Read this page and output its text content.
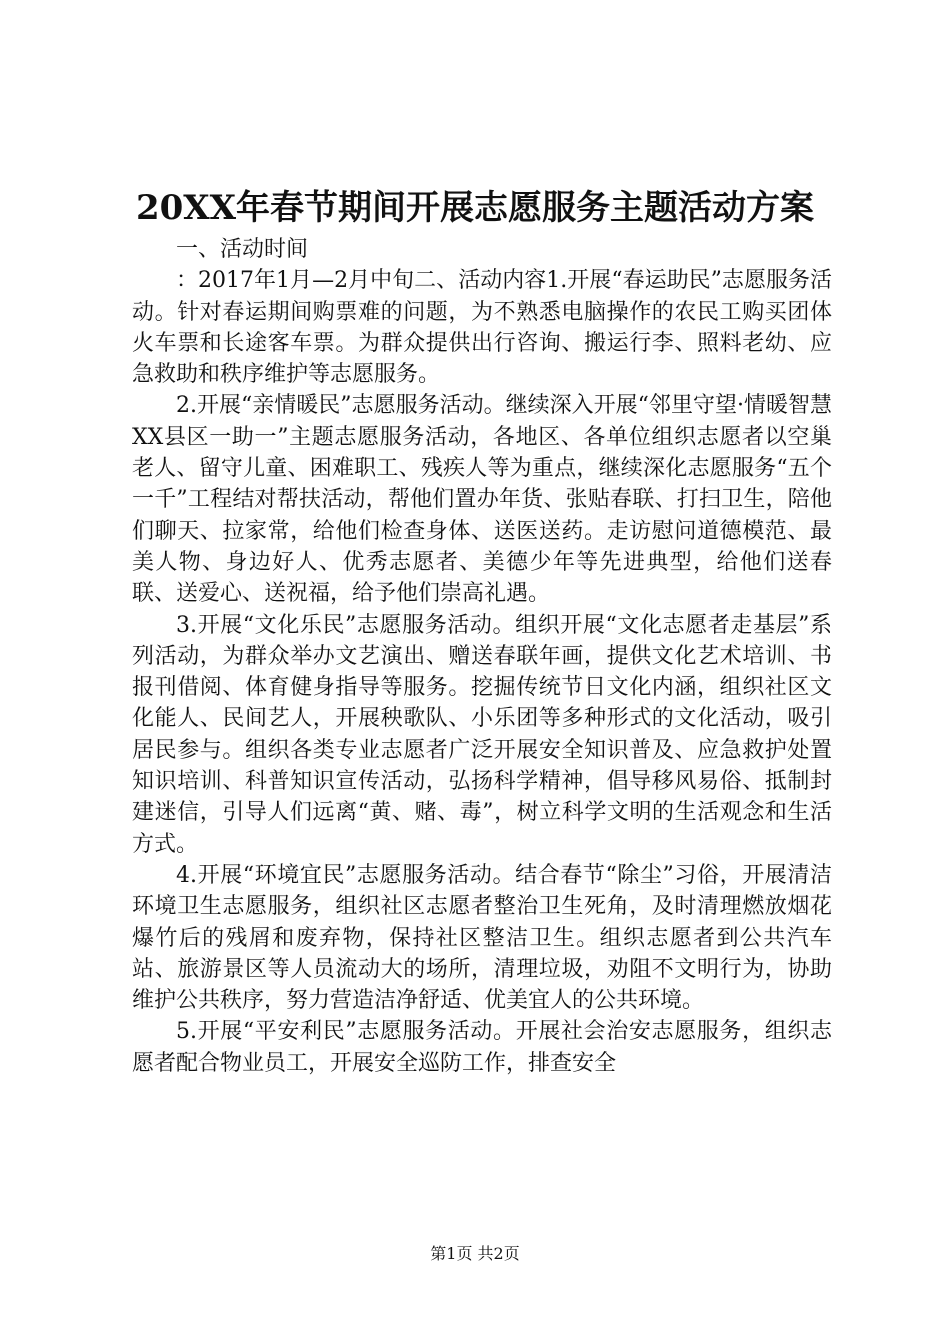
20XX年春节期间开展志愿服务主题活动方案

一、活动时间

：2017年1月—2月中旬二、活动内容1.开展“春运助民”志愿服务活动。针对春运期间购票难的问题，为不熟悉电脑操作的农民工购买团体火车票和长途客车票。为群众提供出行咨询、搬运行李、照料老幼、应急救助和秩序维护等志愿服务。

2.开展“亲情暖民”志愿服务活动。继续深入开展“邻里守望·情暖智慧XX县区一助一”主题志愿服务活动，各地区、各单位组织志愿者以空巢老人、留守儿童、困难职工、残疾人等为重点，继续深化志愿服务“五个一千”工程结对帮扶活动，帮他们置办年货、张贴春联、打扫卫生，陪他们聊天、拉家常，给他们检查身体、送医送药。走访慰问道德模范、最美人物、身边好人、优秀志愿者、美德少年等先进典型，给他们送春联、送爱心、送祝福，给予他们崇高礼遇。

3.开展“文化乐民”志愿服务活动。组织开展“文化志愿者走基层”系列活动，为群众举办文艺演出、赠送春联年画，提供文化艺术培训、书报刊借阅、体育健身指导等服务。挖掘传统节日文化内涵，组织社区文化能人、民间艺人，开展秧歌队、小乐团等多种形式的文化活动，吸引居民参与。组织各类专业志愿者广泛开展安全知识普及、应急救护处置知识培训、科普知识宣传活动，弘扬科学精神，倡导移风易俗、抵制封建迷信，引导人们远离“黄、赌、毒”，树立科学文明的生活观念和生活方式。

4.开展“环境宜民”志愿服务活动。结合春节“除尘”习俗，开展清洁环境卫生志愿服务，组织社区志愿者整治卫生死角，及时清理燃放烟花爆竹后的残屑和废弃物，保持社区整洁卫生。组织志愿者到公共汽车站、旅游景区等人员流动大的场所，清理垃圾，劝阻不文明行为，协助维护公共秩序，努力营造洁净舒适、优美宜人的公共环境。

5.开展“平安利民”志愿服务活动。开展社会治安志愿服务，组织志愿者配合物业员工，开展安全巡防工作，排查安全

第1页 共2页
